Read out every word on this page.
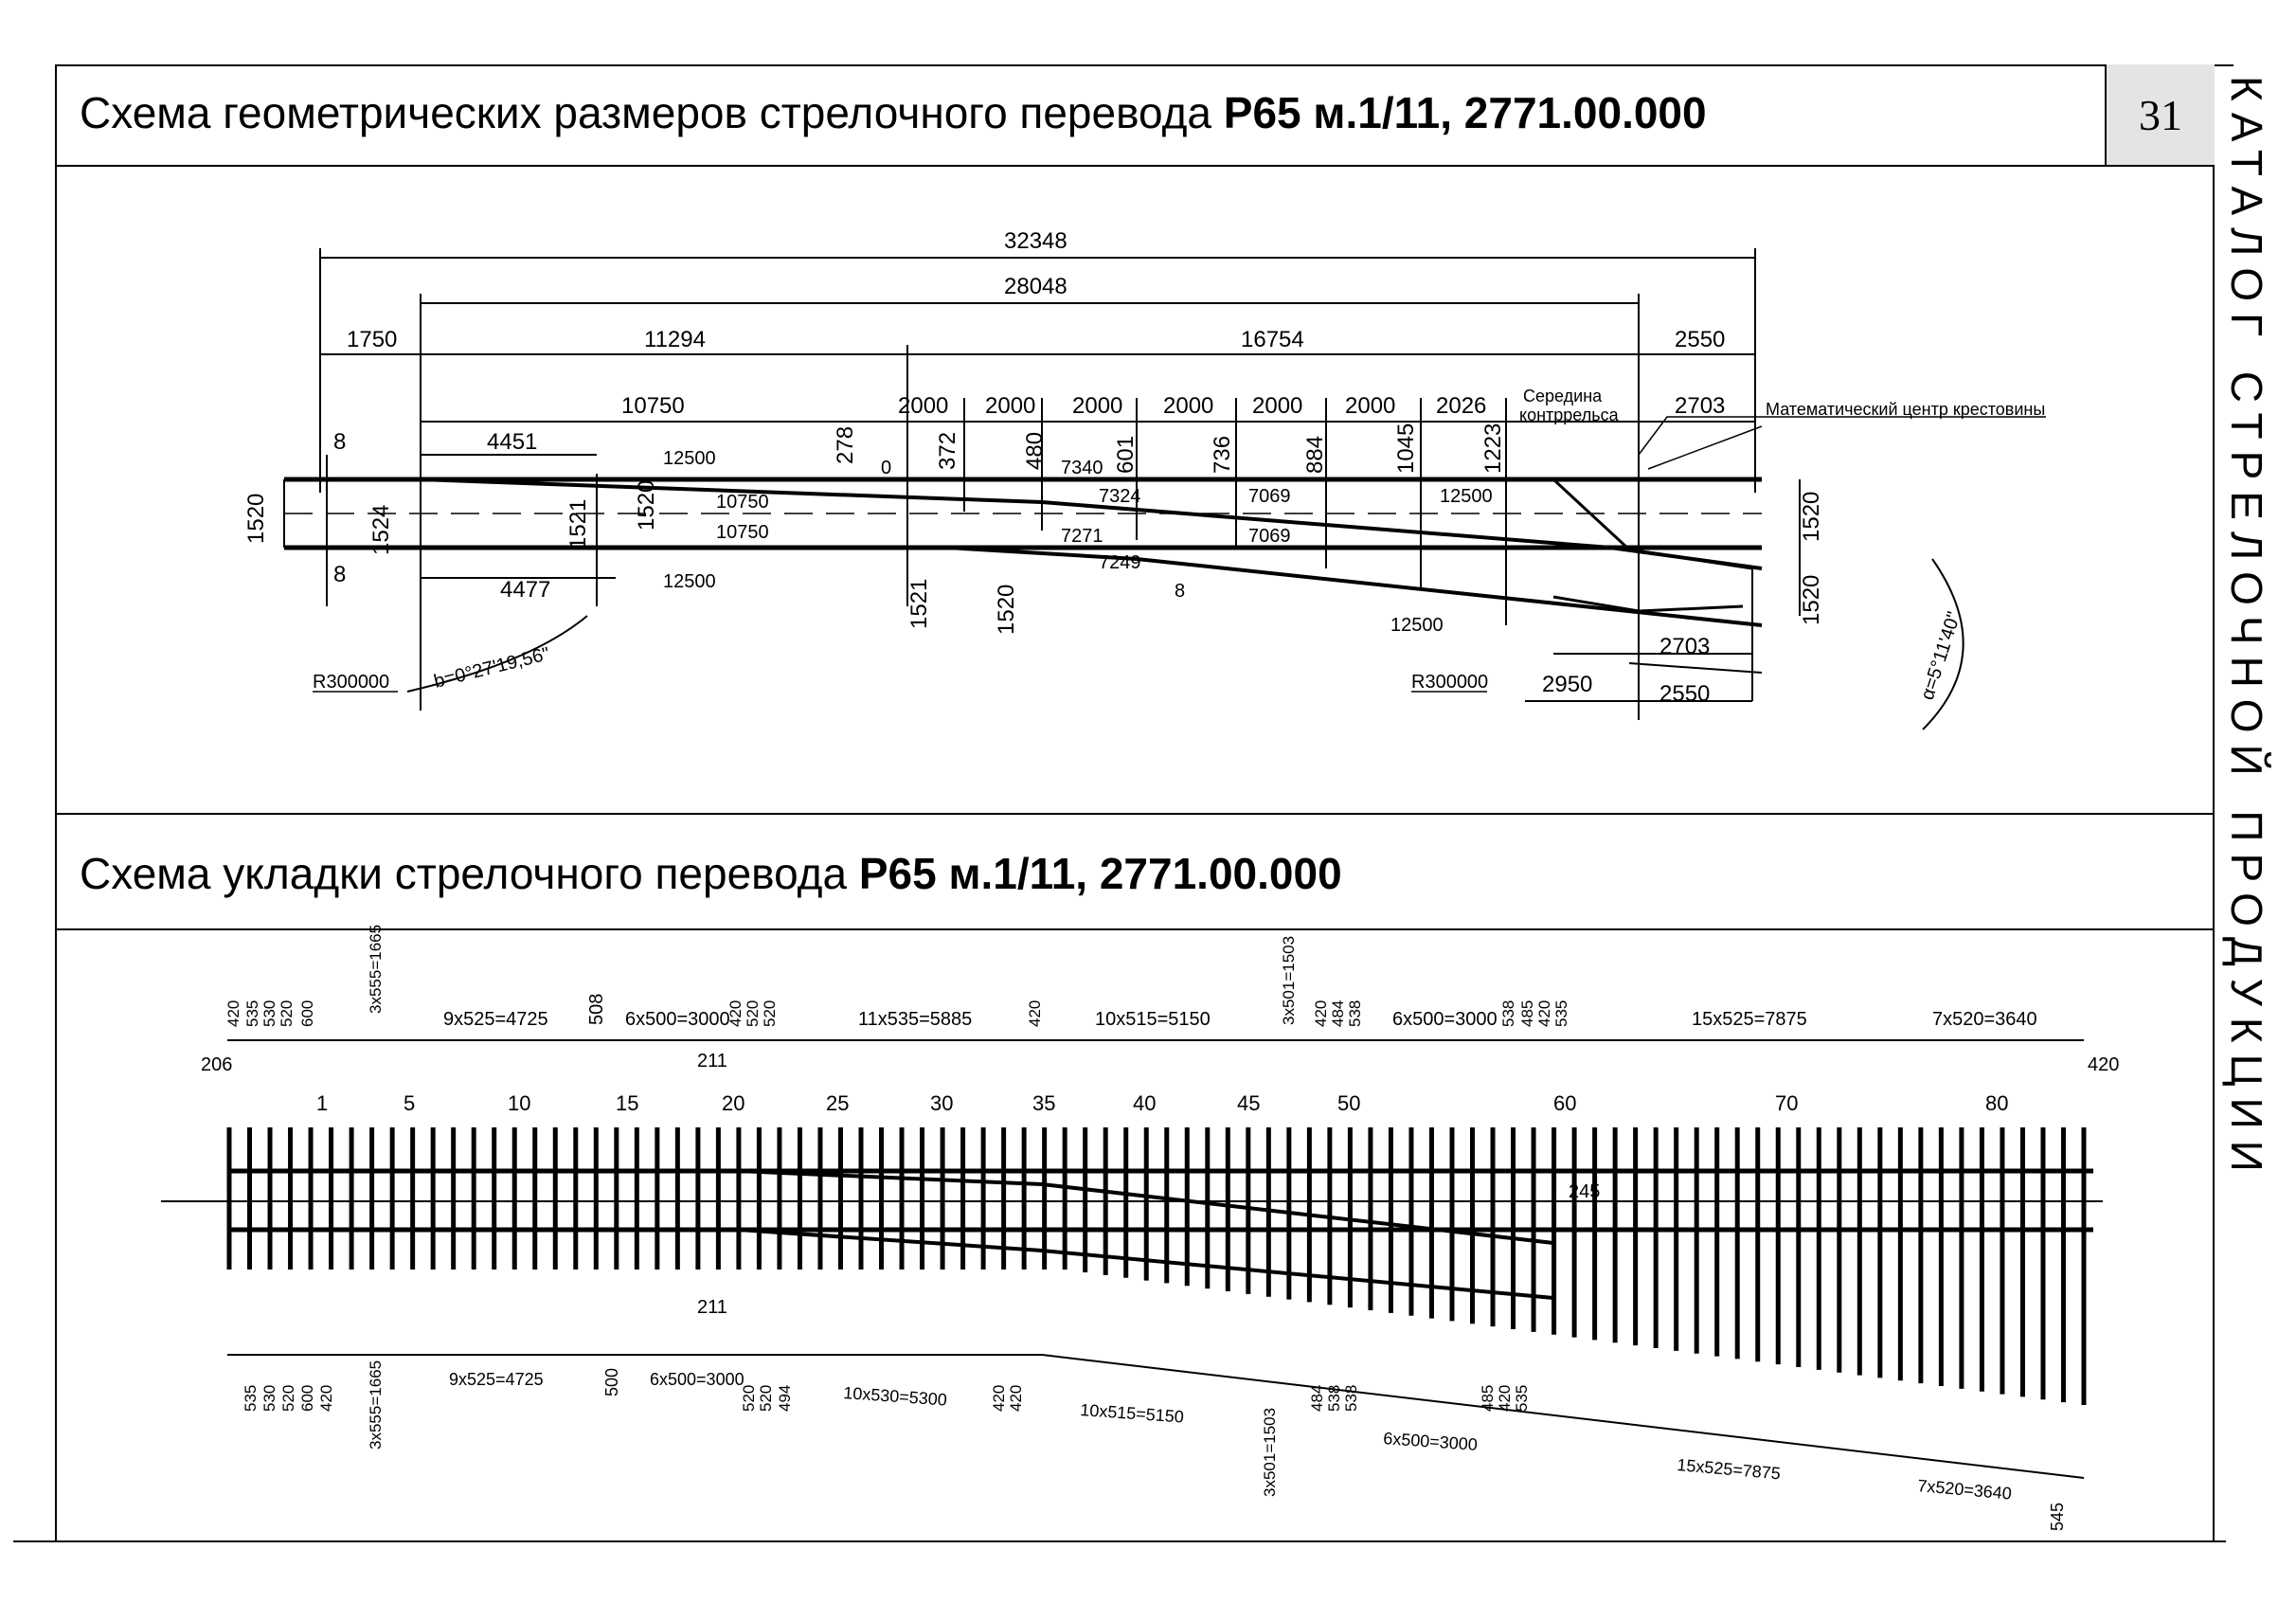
Схема геометрических размеров стрелочного перевода Р65 м.1/11, 2771.00.000
Схема укладки стрелочного перевода Р65 м.1/11, 2771.00.000
31 КАТАЛОГ СТРЕЛОЧНОЙ ПРОДУКЦИИ
32348
28048
1750	11294	16754	2550
10750	2703
2000 2000 2000 2000 2000 2000 2026 Середина
контррельса	Математический центр крестовины
278	372	480	601	736	884	1045	1223
1520	1524	1521 1520
8
8
4451
4477
12500
12500
10750
10750
7340
7324
7271
7249
7069
7069
12500
12500
1521	1520
0
8
1520
1520
2703
2950	2550
R300000	R300000
b=0°27'19,56"	α=5°11'40"
9x525=4725 508 6x500=3000	11x535=5885	10x515=5150	6x500=3000	15x525=7875	7x520=3640
3x555=1665	3x501=1503
206	211
211
420
245
1	5	10	15	20	25	30	35	40	45	50	60	70	80
9x525=4725	500 6x500=3000
10x530=5300
10x515=5150	3x501=1503	6x500=3000
15x525=7875
7x520=3640
545
3x555=1665
420 535 530 520 600	420 520 520	420	420 484 538	538 485 420 535
535 530 520 600 420	520 520 494	420 420	484 538 538	485 420 535
